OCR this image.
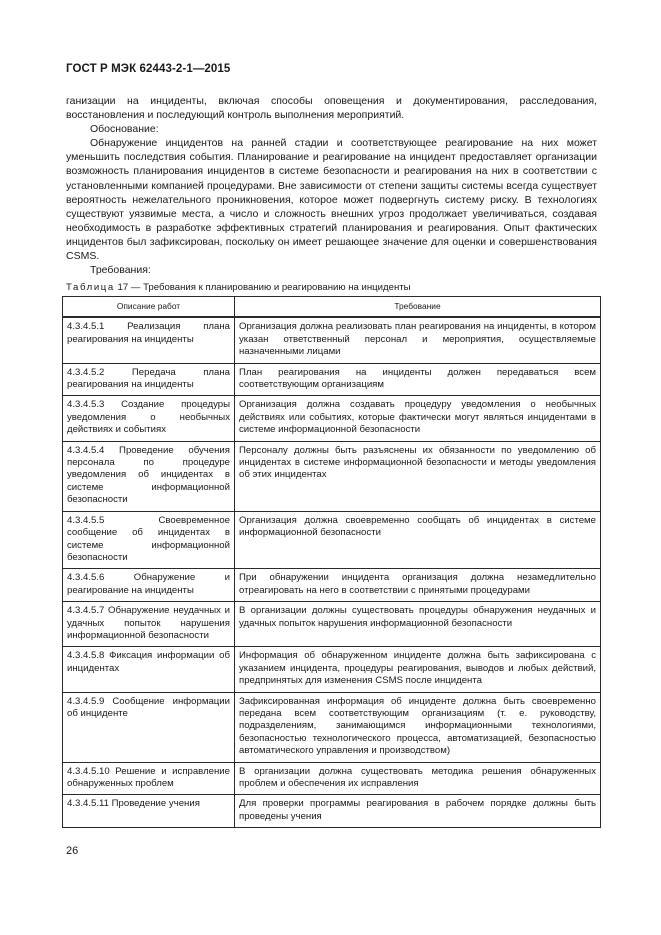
ГОСТ Р МЭК 62443-2-1—2015

ганизации на инциденты, включая способы оповещения и документирования, расследования, восстановления и последующий контроль выполнения мероприятий.

Обоснование:

Обнаружение инцидентов на ранней стадии и соответствующее реагирование на них может уменьшить последствия события. Планирование и реагирование на инцидент предоставляет организации возможность планирования инцидентов в системе безопасности и реагирования на них в соответствии с установленными компанией процедурами. Вне зависимости от степени защиты системы всегда существует вероятность нежелательного проникновения, которое может подвергнуть систему риску. В технологиях существуют уязвимые места, а число и сложность внешних угроз продолжает увеличиваться, создавая необходимость в разработке эффективных стратегий планирования и реагирования. Опыт фактических инцидентов был зафиксирован, поскольку он имеет решающее значение для оценки и совершенствования CSMS.

Требования:

Таблица 17 — Требования к планированию и реагированию на инциденты
Описание работ	Требование
4.3.4.5.1 Реализация плана реагирования на инциденты	Организация должна реализовать план реагирования на инциденты, в котором указан ответственный персонал и мероприятия, осуществляемые назначенными лицами
4.3.4.5.2 Передача плана реагирования на инциденты	План реагирования на инциденты должен передаваться всем соответствующим организациям
4.3.4.5.3 Создание процедуры уведомления о необычных действиях и событиях	Организация должна создавать процедуру уведомления о необычных действиях или событиях, которые фактически могут являться инцидентами в системе информационной безопасности
4.3.4.5.4 Проведение обучения персонала по процедуре уведомления об инцидентах в системе информационной безопасности	Персоналу должны быть разъяснены их обязанности по уведомлению об инцидентах в системе информационной безопасности и методы уведомления об этих инцидентах
4.3.4.5.5 Своевременное сообщение об инцидентах в системе информационной безопасности	Организация должна своевременно сообщать об инцидентах в системе информационной безопасности
4.3.4.5.6 Обнаружение и реагирование на инциденты	При обнаружении инцидента организация должна незамедлительно отреагировать на него в соответствии с принятыми процедурами
4.3.4.5.7 Обнаружение неудачных и удачных попыток нарушения информационной безопасности	В организации должны существовать процедуры обнаружения неудачных и удачных попыток нарушения информационной безопасности
4.3.4.5.8 Фиксация информации об инцидентах	Информация об обнаруженном инциденте должна быть зафиксирована с указанием инцидента, процедуры реагирования, выводов и любых действий, предпринятых для изменения CSMS после инцидента
4.3.4.5.9 Сообщение информации об инциденте	Зафиксированная информация об инциденте должна быть своевременно передана всем соответствующим организациям (т. е. руководству, подразделениям, занимающимся информационными технологиями, безопасностью технологического процесса, автоматизацией, безопасностью автоматического управления и производством)
4.3.4.5.10 Решение и исправление обнаруженных проблем	В организации должна существовать методика решения обнаруженных проблем и обеспечения их исправления
4.3.4.5.11 Проведение учения	Для проверки программы реагирования в рабочем порядке должны быть проведены учения
26
